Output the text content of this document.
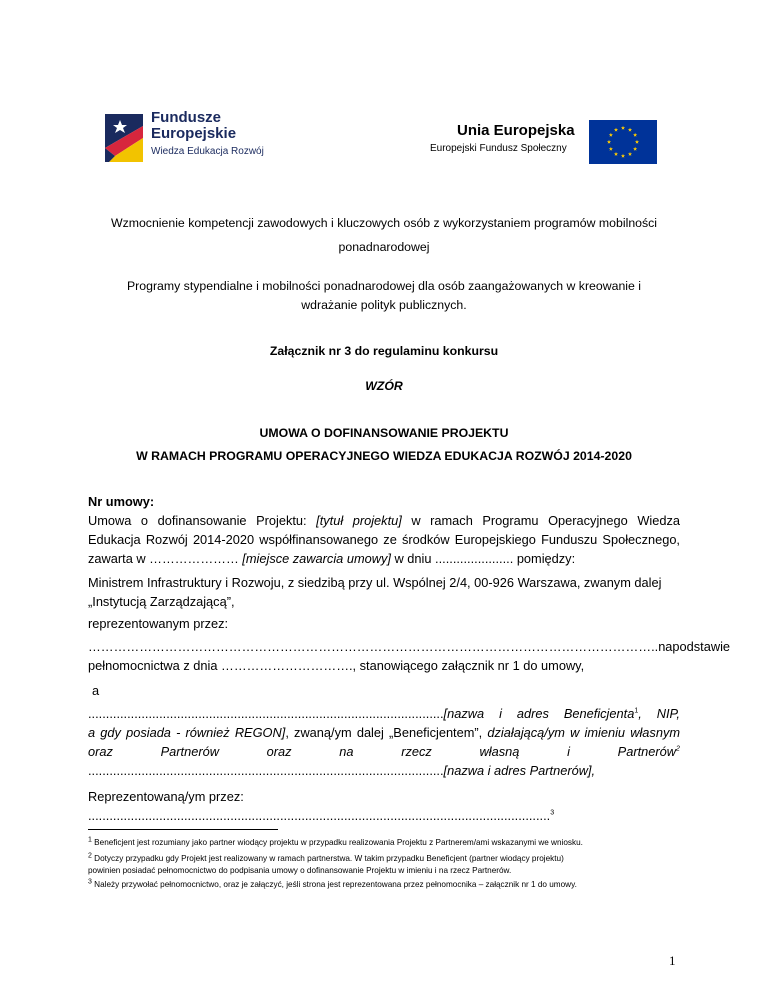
Fundusze
Europejskie
Wiedza Edukacja Rozwój
Unia Europejska
Europejski Fundusz Społeczny
Wzmocnienie kompetencji zawodowych i kluczowych osób z wykorzystaniem programów mobilności
ponadnarodowej
Programy stypendialne i mobilności ponadnarodowej dla osób zaangażowanych w kreowanie i
wdrażanie polityk publicznych.
Załącznik nr 3 do regulaminu konkursu
WZÓR
UMOWA O DOFINANSOWANIE PROJEKTU
W RAMACH PROGRAMU OPERACYJNEGO WIEDZA EDUKACJA ROZWÓJ 2014-2020
Nr umowy:
Umowa o dofinansowanie Projektu: [tytuł projektu] w ramach Programu Operacyjnego Wiedza
Edukacja Rozwój 2014-2020 współfinansowanego ze środków Europejskiego Funduszu Społecznego,
zawarta w ………………… [miejsce zawarcia umowy] w dniu ...................... pomiędzy:
Ministrem Infrastruktury i Rozwoju, z siedzibą przy ul. Wspólnej 2/4, 00-926 Warszawa, zwanym dalej
„Instytucją Zarządzającą”,
reprezentowanym przez:
…………………………………………………………………………………………………………………….. na podstawie
pełnomocnictwa z dnia …………………………., stanowiącego załącznik nr 1 do umowy,
a
....................................................................................................[nazwa i adres Beneficjenta$^1$, NIP,
a gdy posiada - również REGON], zwaną/ym dalej „Beneficjentem”, działającą/ym w imieniu własnym
oraz	Partnerów	oraz	na	rzecz	własną	i	Partnerów$^2$
....................................................................................................[nazwa i adres Partnerów],
Reprezentowaną/ym przez:
..................................................................................................................................$^3$
$^1$ Beneficjent jest rozumiany jako partner wiodący projektu w przypadku realizowania Projektu z Partnerem/ami wskazanymi we wniosku.
$^2$ Dotyczy przypadku gdy Projekt jest realizowany w ramach partnerstwa. W takim przypadku Beneficjent (partner wiodący projektu)
powinien posiadać pełnomocnictwo do podpisania umowy o dofinansowanie Projektu w imieniu i na rzecz Partnerów.
$^3$ Należy przywołać pełnomocnictwo, oraz je załączyć, jeśli strona jest reprezentowana przez pełnomocnika – załącznik nr 1 do umowy.
1
